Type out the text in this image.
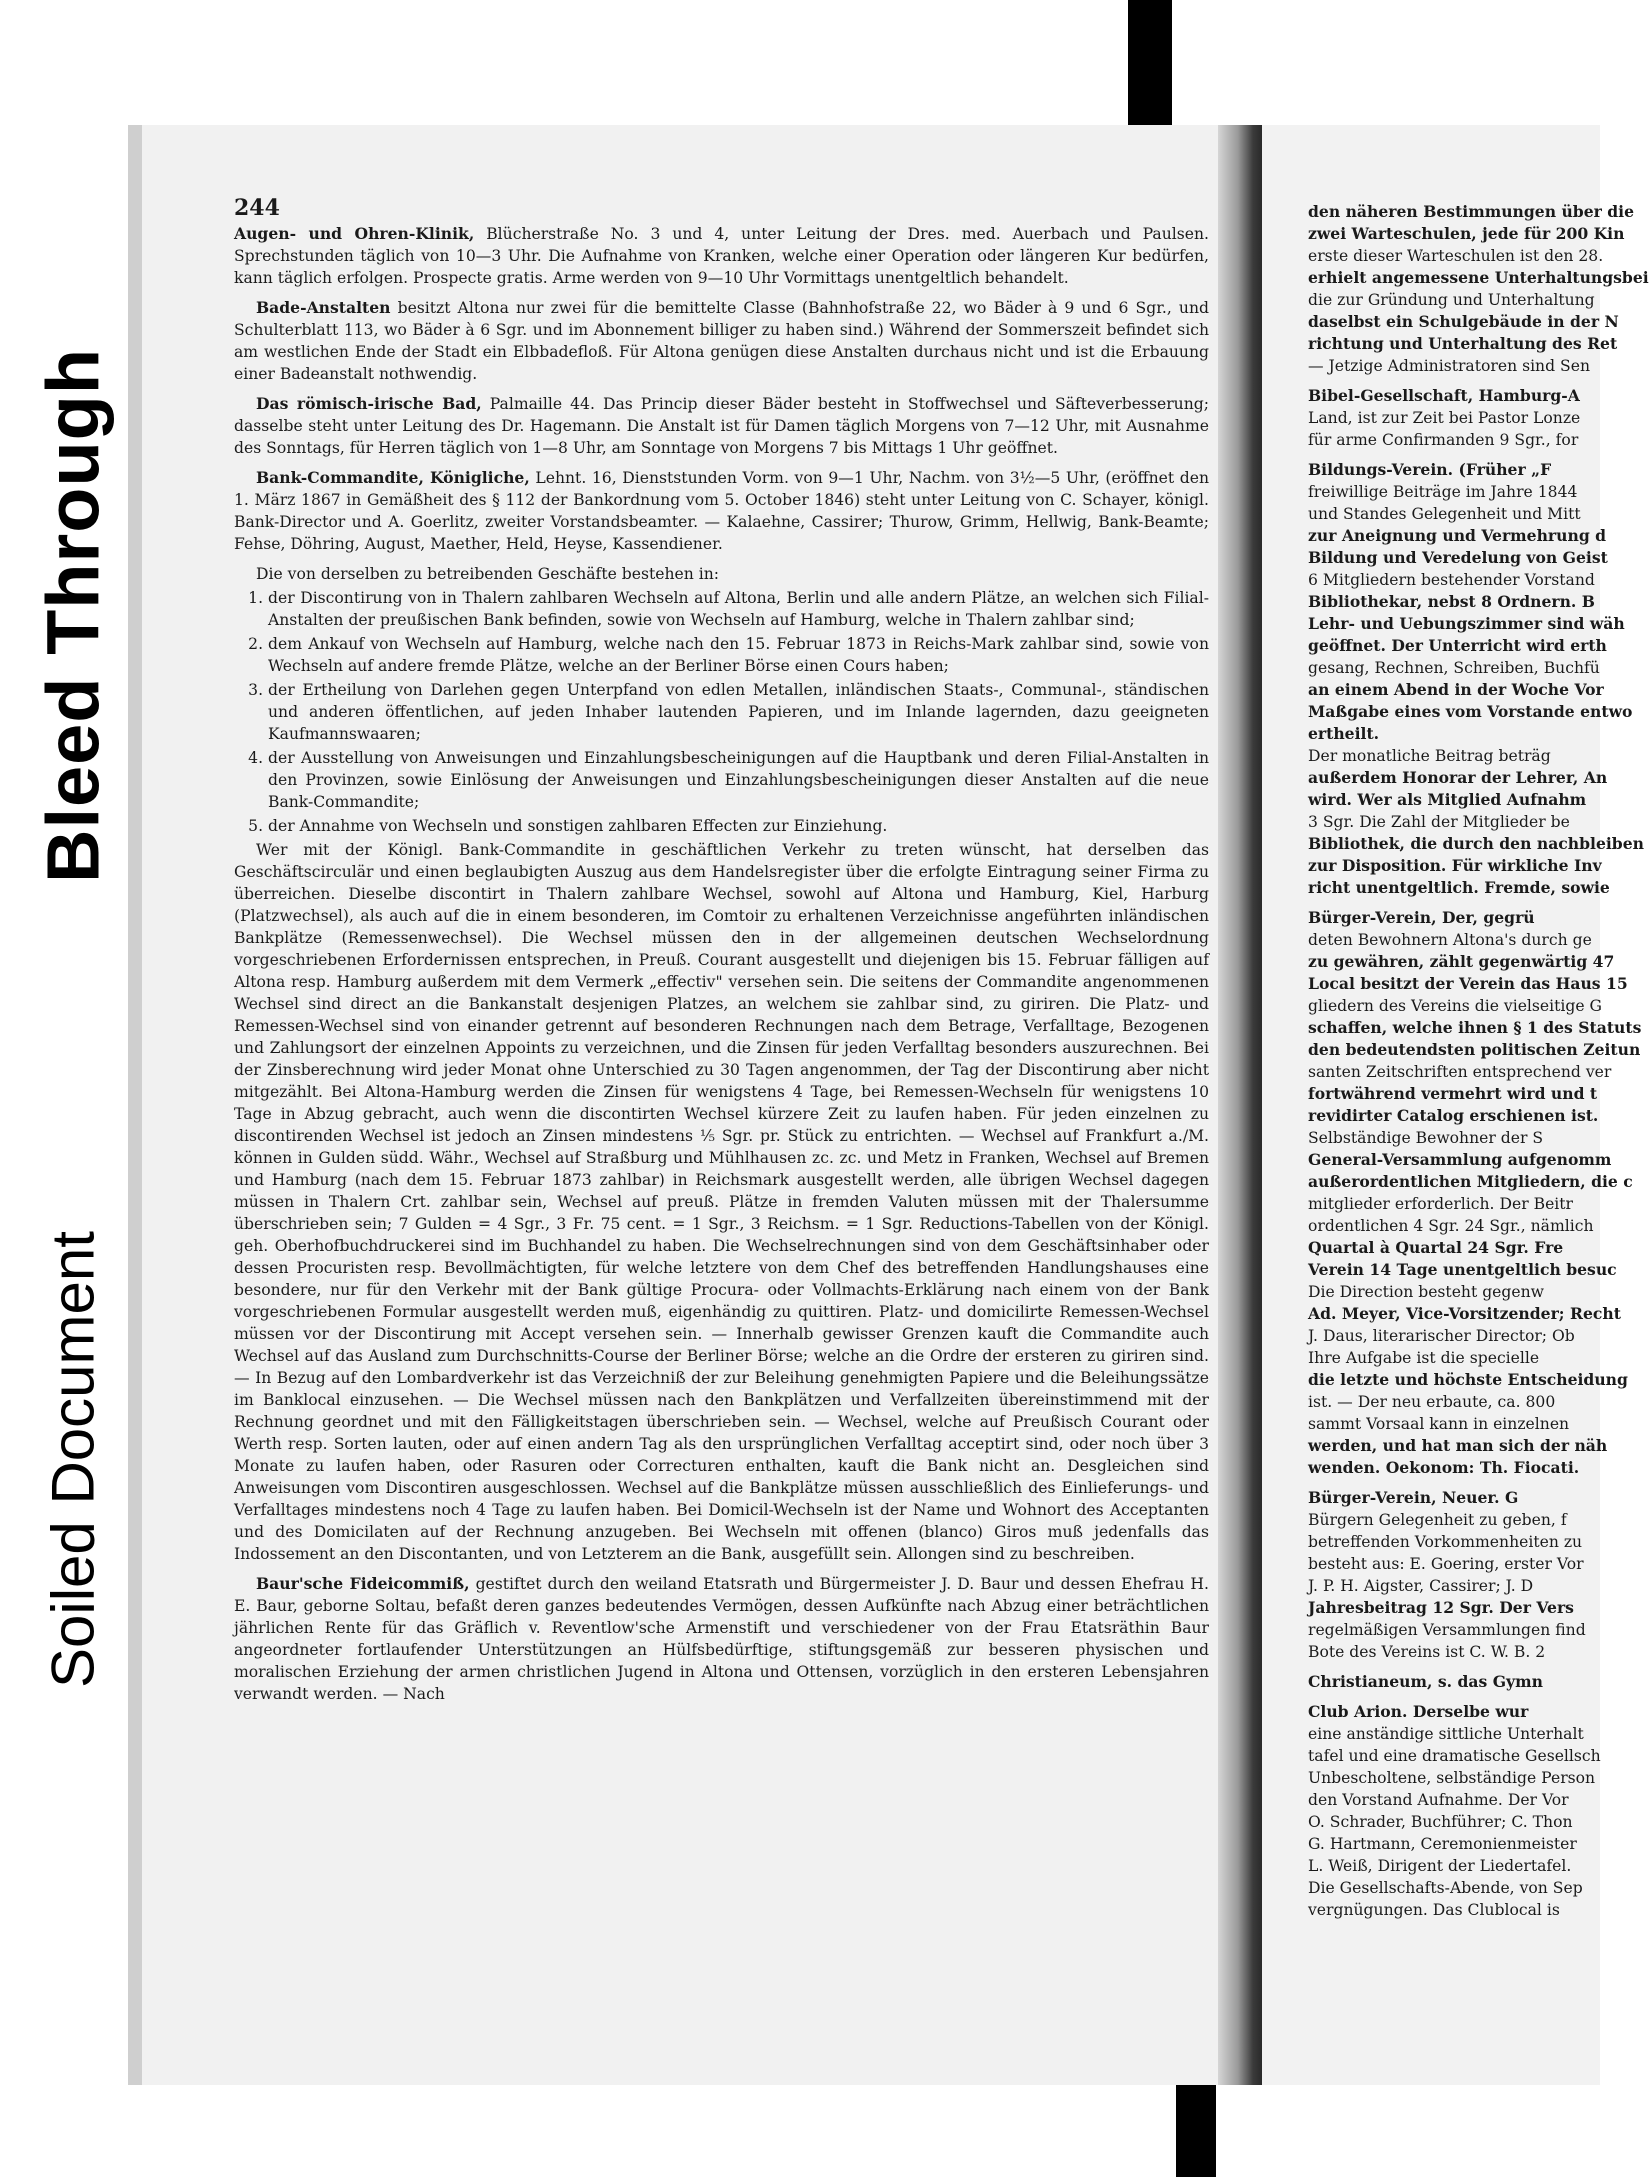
Bleed Through
Soiled Document
244

Augen- und Ohren-Klinik, Blücherstraße No. 3 und 4, unter Leitung der Dres. med. Auerbach und Paulsen. Sprechstunden täglich von 10—3 Uhr. Die Aufnahme von Kranken, welche einer Operation oder längeren Kur bedürfen, kann täglich erfolgen. Prospecte gratis. Arme werden von 9—10 Uhr Vormittags unentgeltlich behandelt.

Bade-Anstalten besitzt Altona nur zwei für die bemittelte Classe (Bahnhofstraße 22, wo Bäder à 9 und 6 Sgr., und Schulterblatt 113, wo Bäder à 6 Sgr. und im Abonnement billiger zu haben sind.) Während der Sommerszeit befindet sich am westlichen Ende der Stadt ein Elbbadefloß. Für Altona genügen diese Anstalten durchaus nicht und ist die Erbauung einer Badeanstalt nothwendig.

Das römisch-irische Bad, Palmaille 44. Das Princip dieser Bäder besteht in Stoffwechsel und Säfteverbesserung; dasselbe steht unter Leitung des Dr. Hagemann. Die Anstalt ist für Damen täglich Morgens von 7—12 Uhr, mit Ausnahme des Sonntags, für Herren täglich von 1—8 Uhr, am Sonntage von Morgens 7 bis Mittags 1 Uhr geöffnet.

Bank-Commandite, Königliche, Lehnt. 16, Dienststunden Vorm. von 9—1 Uhr, Nachm. von 3½—5 Uhr, (eröffnet den 1. März 1867 in Gemäßheit des § 112 der Bankordnung vom 5. October 1846) steht unter Leitung von C. Schayer, königl. Bank-Director und A. Goerlitz, zweiter Vorstandsbeamter. — Kalaehne, Cassirer; Thurow, Grimm, Hellwig, Bank-Beamte; Fehse, Döhring, August, Maether, Held, Heyse, Kassendiener.

Die von derselben zu betreibenden Geschäfte bestehen in:

1. der Discontirung von in Thalern zahlbaren Wechseln auf Altona, Berlin und alle andern Plätze, an welchen sich Filial-Anstalten der preußischen Bank befinden, sowie von Wechseln auf Hamburg, welche in Thalern zahlbar sind;
2. dem Ankauf von Wechseln auf Hamburg, welche nach den 15. Februar 1873 in Reichs-Mark zahlbar sind, sowie von Wechseln auf andere fremde Plätze, welche an der Berliner Börse einen Cours haben;
3. der Ertheilung von Darlehen gegen Unterpfand von edlen Metallen, inländischen Staats-, Communal-, ständischen und anderen öffentlichen, auf jeden Inhaber lautenden Papieren, und im Inlande lagernden, dazu geeigneten Kaufmannswaaren;
4. der Ausstellung von Anweisungen und Einzahlungsbescheinigungen auf die Hauptbank und deren Filial-Anstalten in den Provinzen, sowie Einlösung der Anweisungen und Einzahlungsbescheinigungen dieser Anstalten auf die neue Bank-Commandite;
5. der Annahme von Wechseln und sonstigen zahlbaren Effecten zur Einziehung.

Wer mit der Königl. Bank-Commandite in geschäftlichen Verkehr zu treten wünscht, hat derselben das Geschäftscirculär und einen beglaubigten Auszug aus dem Handelsregister über die erfolgte Eintragung seiner Firma zu überreichen. Dieselbe discontirt in Thalern zahlbare Wechsel, sowohl auf Altona und Hamburg, Kiel, Harburg (Platzwechsel), als auch auf die in einem besonderen, im Comtoir zu erhaltenen Verzeichnisse angeführten inländischen Bankplätze (Remessenwechsel). Die Wechsel müssen den in der allgemeinen deutschen Wechselordnung vorgeschriebenen Erfordernissen entsprechen, in Preuß. Courant ausgestellt und diejenigen bis 15. Februar fälligen auf Altona resp. Hamburg außerdem mit dem Vermerk „effectiv" versehen sein. Die seitens der Commandite angenommenen Wechsel sind direct an die Bankanstalt desjenigen Platzes, an welchem sie zahlbar sind, zu giriren. Die Platz- und Remessen-Wechsel sind von einander getrennt auf besonderen Rechnungen nach dem Betrage, Verfalltage, Bezogenen und Zahlungsort der einzelnen Appoints zu verzeichnen, und die Zinsen für jeden Verfalltag besonders auszurechnen. Bei der Zinsberechnung wird jeder Monat ohne Unterschied zu 30 Tagen angenommen, der Tag der Discontirung aber nicht mitgezählt. Bei Altona-Hamburg werden die Zinsen für wenigstens 4 Tage, bei Remessen-Wechseln für wenigstens 10 Tage in Abzug gebracht, auch wenn die discontirten Wechsel kürzere Zeit zu laufen haben. Für jeden einzelnen zu discontirenden Wechsel ist jedoch an Zinsen mindestens ⅕ Sgr. pr. Stück zu entrichten. — Wechsel auf Frankfurt a./M. können in Gulden südd. Währ., Wechsel auf Straßburg und Mühlhausen zc. zc. und Metz in Franken, Wechsel auf Bremen und Hamburg (nach dem 15. Februar 1873 zahlbar) in Reichsmark ausgestellt werden, alle übrigen Wechsel dagegen müssen in Thalern Crt. zahlbar sein, Wechsel auf preuß. Plätze in fremden Valuten müssen mit der Thalersumme überschrieben sein; 7 Gulden = 4 Sgr., 3 Fr. 75 cent. = 1 Sgr., 3 Reichsm. = 1 Sgr. Reductions-Tabellen von der Königl. geh. Oberhofbuchdruckerei sind im Buchhandel zu haben. Die Wechselrechnungen sind von dem Geschäftsinhaber oder dessen Procuristen resp. Bevollmächtigten, für welche letztere von dem Chef des betreffenden Handlungshauses eine besondere, nur für den Verkehr mit der Bank gültige Procura- oder Vollmachts-Erklärung nach einem von der Bank vorgeschriebenen Formular ausgestellt werden muß, eigenhändig zu quittiren. Platz- und domicilirte Remessen-Wechsel müssen vor der Discontirung mit Accept versehen sein. — Innerhalb gewisser Grenzen kauft die Commandite auch Wechsel auf das Ausland zum Durchschnitts-Course der Berliner Börse; welche an die Ordre der ersteren zu giriren sind. — In Bezug auf den Lombardverkehr ist das Verzeichniß der zur Beleihung genehmigten Papiere und die Beleihungssätze im Banklocal einzusehen. — Die Wechsel müssen nach den Bankplätzen und Verfallzeiten übereinstimmend mit der Rechnung geordnet und mit den Fälligkeitstagen überschrieben sein. — Wechsel, welche auf Preußisch Courant oder Werth resp. Sorten lauten, oder auf einen andern Tag als den ursprünglichen Verfalltag acceptirt sind, oder noch über 3 Monate zu laufen haben, oder Rasuren oder Correcturen enthalten, kauft die Bank nicht an. Desgleichen sind Anweisungen vom Discontiren ausgeschlossen. Wechsel auf die Bankplätze müssen ausschließlich des Einlieferungs- und Verfalltages mindestens noch 4 Tage zu laufen haben. Bei Domicil-Wechseln ist der Name und Wohnort des Acceptanten und des Domicilaten auf der Rechnung anzugeben. Bei Wechseln mit offenen (blanco) Giros muß jedenfalls das Indossement an den Discontanten, und von Letzterem an die Bank, ausgefüllt sein. Allongen sind zu beschreiben.

Baur'sche Fideicommiß, gestiftet durch den weiland Etatsrath und Bürgermeister J. D. Baur und dessen Ehefrau H. E. Baur, geborne Soltau, befaßt deren ganzes bedeutendes Vermögen, dessen Aufkünfte nach Abzug einer beträchtlichen jährlichen Rente für das Gräflich v. Reventlow'sche Armenstift und verschiedener von der Frau Etatsräthin Baur angeordneter fortlaufender Unterstützungen an Hülfsbedürftige, stiftungsgemäß zur besseren physischen und moralischen Erziehung der armen christlichen Jugend in Altona und Ottensen, vorzüglich in den ersteren Lebensjahren verwandt werden. — Nach

den näheren Bestimmungen über die

zwei Warteschulen, jede für 200 Kin

erste dieser Warteschulen ist den 28.

erhielt angemessene Unterhaltungsbei

die zur Gründung und Unterhaltung

daselbst ein Schulgebäude in der N

richtung und Unterhaltung des Ret

— Jetzige Administratoren sind Sen

Bibel-Gesellschaft, Hamburg-A

Land, ist zur Zeit bei Pastor Lonze

für arme Confirmanden 9 Sgr., for

Bildungs-Verein. (Früher „F

freiwillige Beiträge im Jahre 1844

und Standes Gelegenheit und Mitt

zur Aneignung und Vermehrung d

Bildung und Veredelung von Geist

6 Mitgliedern bestehender Vorstand

Bibliothekar, nebst 8 Ordnern. B

Lehr- und Uebungszimmer sind wäh

geöffnet. Der Unterricht wird erth

gesang, Rechnen, Schreiben, Buchfü

an einem Abend in der Woche Vor

Maßgabe eines vom Vorstande entwo

ertheilt.

Der monatliche Beitrag beträg

außerdem Honorar der Lehrer, An

wird. Wer als Mitglied Aufnahm

3 Sgr. Die Zahl der Mitglieder be

Bibliothek, die durch den nachbleiben

zur Disposition. Für wirkliche Inv

richt unentgeltlich. Fremde, sowie

Bürger-Verein, Der, gegrü

deten Bewohnern Altona's durch ge

zu gewähren, zählt gegenwärtig 47

Local besitzt der Verein das Haus 15

gliedern des Vereins die vielseitige G

schaffen, welche ihnen § 1 des Statuts

den bedeutendsten politischen Zeitun

santen Zeitschriften entsprechend ver

fortwährend vermehrt wird und t

revidirter Catalog erschienen ist.

Selbständige Bewohner der S

General-Versammlung aufgenomm

außerordentlichen Mitgliedern, die c

mitglieder erforderlich. Der Beitr

ordentlichen 4 Sgr. 24 Sgr., nämlich

Quartal à Quartal 24 Sgr. Fre

Verein 14 Tage unentgeltlich besuc

Die Direction besteht gegenw

Ad. Meyer, Vice-Vorsitzender; Recht

J. Daus, literarischer Director; Ob

Ihre Aufgabe ist die specielle

die letzte und höchste Entscheidung

ist. — Der neu erbaute, ca. 800

sammt Vorsaal kann in einzelnen

werden, und hat man sich der näh

wenden. Oekonom: Th. Fiocati.

Bürger-Verein, Neuer. G

Bürgern Gelegenheit zu geben, f

betreffenden Vorkommenheiten zu

besteht aus: E. Goering, erster Vor

J. P. H. Aigster, Cassirer; J. D

Jahresbeitrag 12 Sgr. Der Vers

regelmäßigen Versammlungen find

Bote des Vereins ist C. W. B. 2

Christianeum, s. das Gymn

Club Arion. Derselbe wur

eine anständige sittliche Unterhalt

tafel und eine dramatische Gesellsch

Unbescholtene, selbständige Person

den Vorstand Aufnahme. Der Vor

O. Schrader, Buchführer; C. Thon

G. Hartmann, Ceremonienmeister

L. Weiß, Dirigent der Liedertafel.

Die Gesellschafts-Abende, von Sep

vergnügungen. Das Clublocal is
